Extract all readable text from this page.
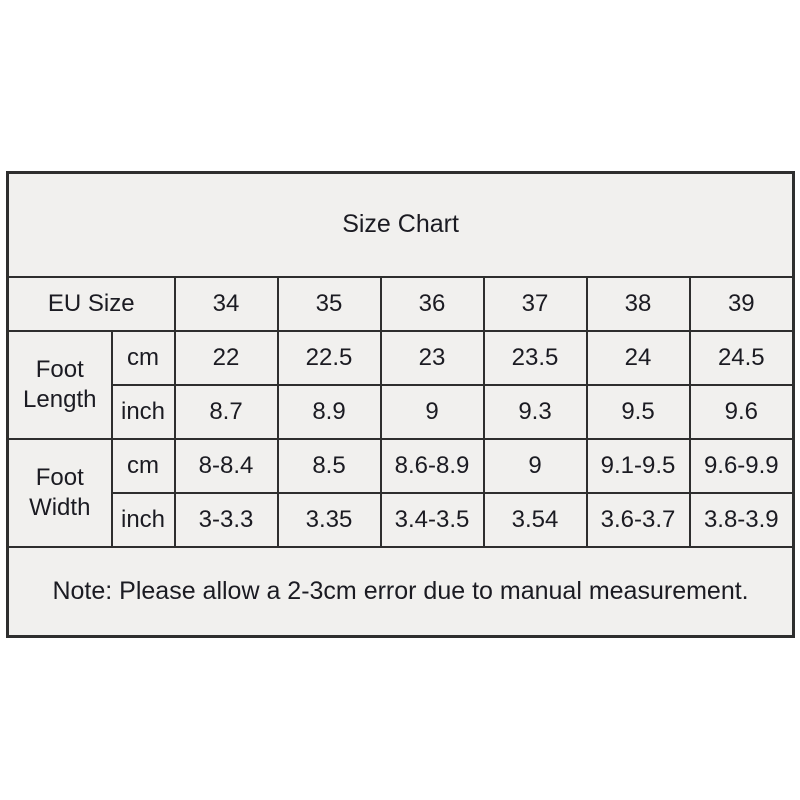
Size Chart							
EU Size		34	35	36	37	38	39
Foot Length	cm	22	22.5	23	23.5	24	24.5
	inch	8.7	8.9	9	9.3	9.5	9.6
Foot Width	cm	8-8.4	8.5	8.6-8.9	9	9.1-9.5	9.6-9.9
	inch	3-3.3	3.35	3.4-3.5	3.54	3.6-3.7	3.8-3.9
Note: Please allow a 2-3cm error due to manual measurement.							
